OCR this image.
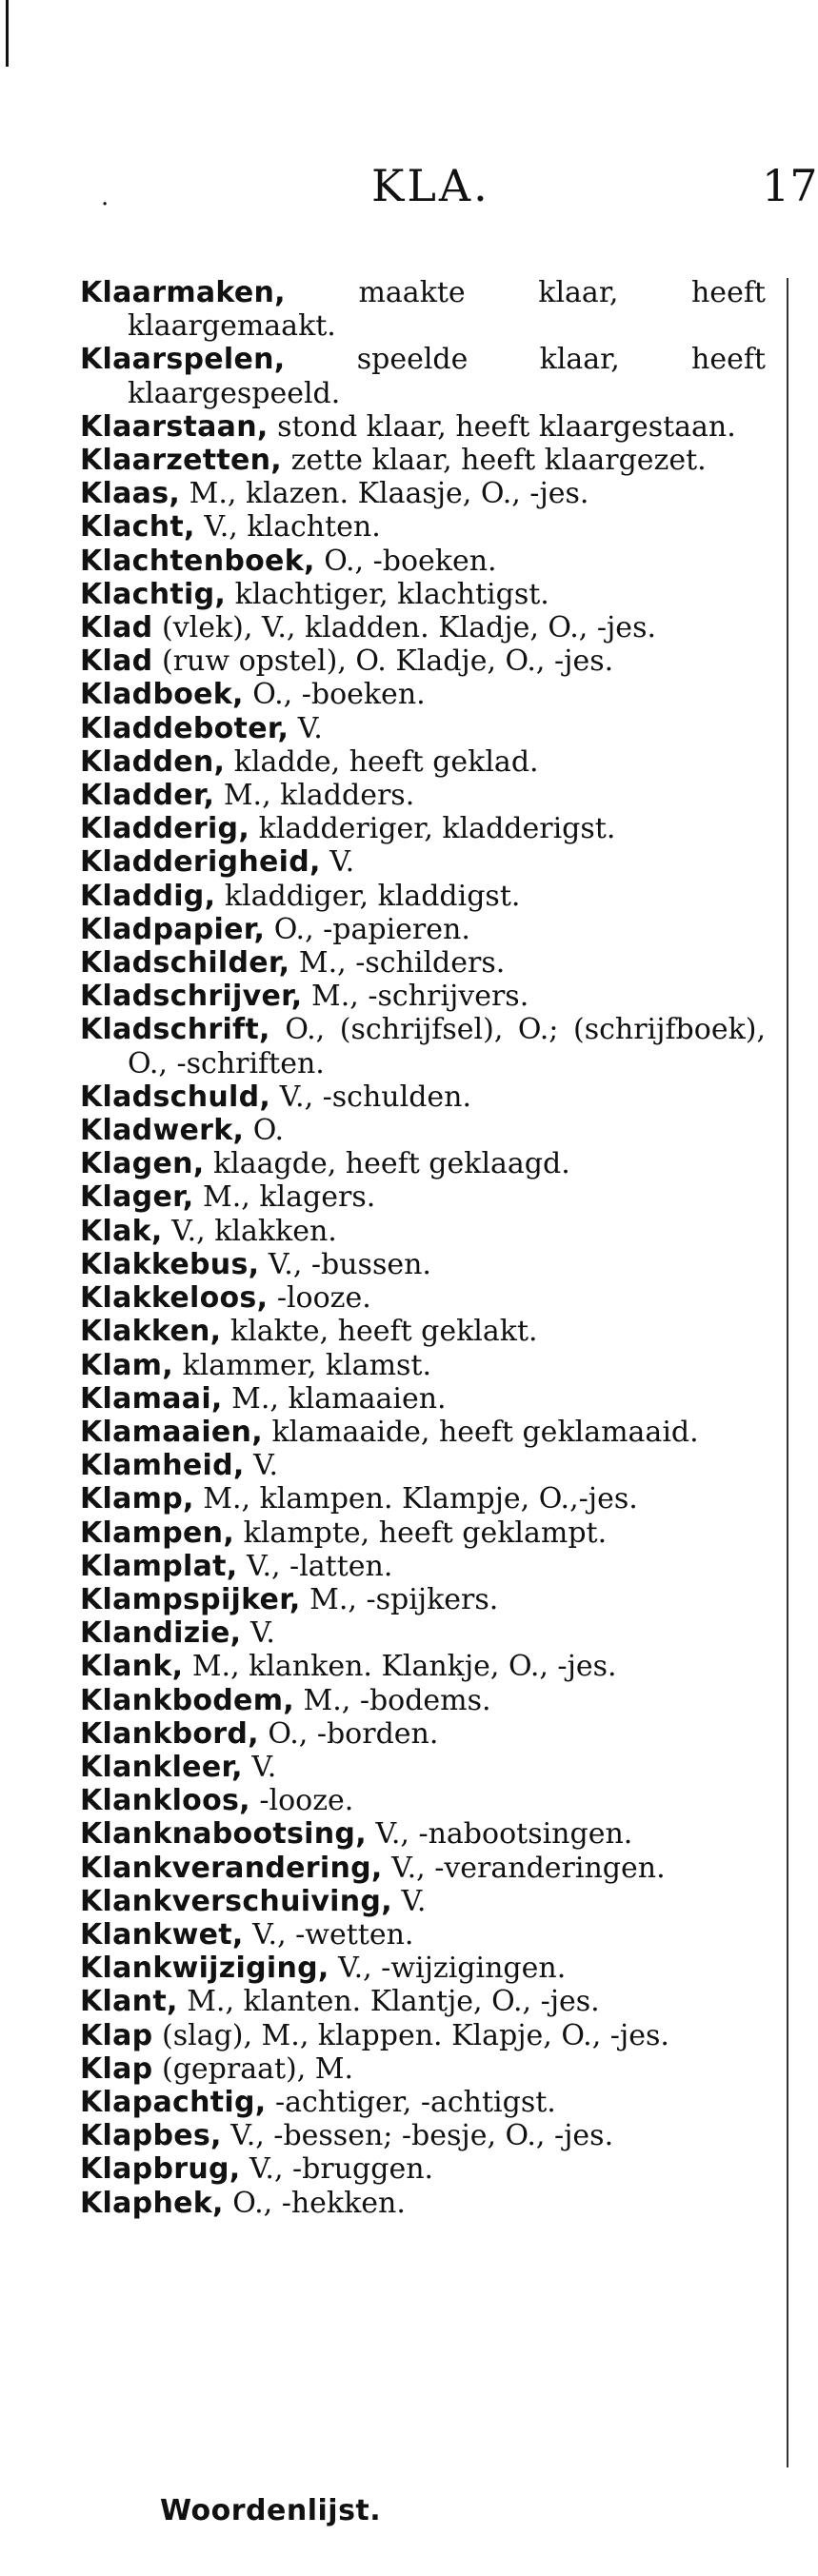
·	KLA.	17

Klaarmaken,	maakte klaar, heeft klaargemaakt.

Klaarspelen,	speelde klaar, heeft klaargespeeld.

Klaarstaan, stond klaar, heeft klaargestaan.

Klaarzetten, zette klaar, heeft klaargezet.

Klaas, M., klazen. Klaasje, O., -jes.

Klacht, V., klachten.

Klachtenboek, O., -boeken.

Klachtig, klachtiger, klachtigst.

Klad (vlek), V., kladden. Kladje, O., -jes.

Klad (ruw opstel), O. Kladje, O., -jes.

Kladboek, O., -boeken.

Kladdeboter, V.

Kladden, kladde, heeft geklad.

Kladder, M., kladders.

Kladderig, kladderiger, kladderigst.

Kladderigheid, V.

Kladdig, kladdiger, kladdigst.

Kladpapier, O., -papieren.

Kladschilder, M., -schilders.

Kladschrijver, M., -schrijvers.

Kladschrift, O., (schrijfsel), O.; (schrijfboek), O., -schriften.

Kladschuld, V., -schulden.

Kladwerk, O.

Klagen, klaagde, heeft geklaagd.

Klager, M., klagers.

Klak, V., klakken.

Klakkebus, V., -bussen.

Klakkeloos, -looze.

Klakken, klakte, heeft geklakt.

Klam, klammer, klamst.

Klamaai, M., klamaaien.

Klamaaien, klamaaide, heeft geklamaaid.

Klamheid, V.

Klamp, M., klampen. Klampje, O.,-jes.

Klampen, klampte, heeft geklampt.

Klamplat, V., -latten.

Klampspijker, M., -spijkers.

Klandizie, V.

Klank, M., klanken. Klankje, O., -jes.

Klankbodem, M., -bodems.

Klankbord, O., -borden.

Klankleer, V.

Klankloos, -looze.

Klanknabootsing, V., -nabootsingen.

Klankverandering, V., -veranderingen.

Klankverschuiving, V.

Klankwet, V., -wetten.

Klankwijziging, V., -wijzigingen.

Klant, M., klanten. Klantje, O., -jes.

Klap (slag), M., klappen. Klapje, O., -jes.

Klap (gepraat), M.

Klapachtig, -achtiger, -achtigst.

Klapbes, V., -bessen; -besje, O., -jes.

Klapbrug, V., -bruggen.

Klaphek, O., -hekken.

Woordenlijst.
